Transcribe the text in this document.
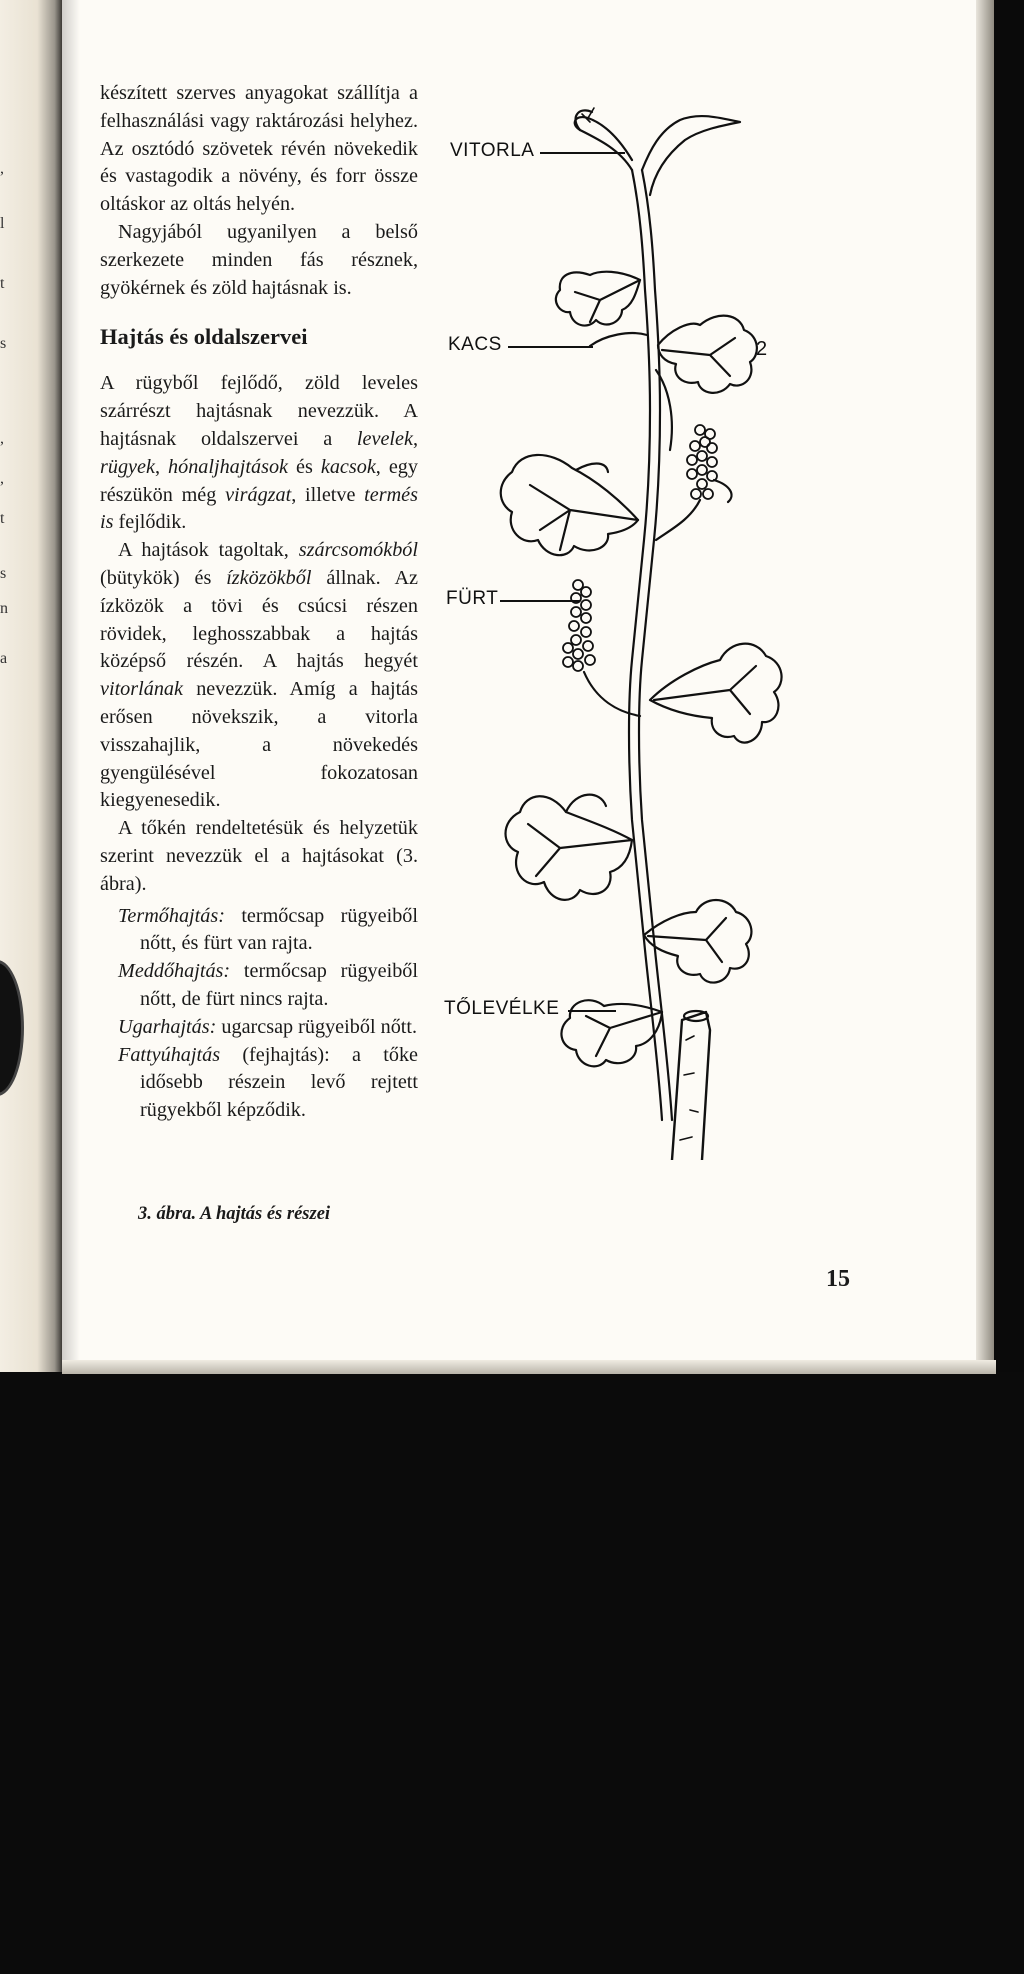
,
l
t
s
,
,
t
s
n
a

készített szerves anyagokat szállítja a felhasználási vagy raktározási helyhez. Az osztódó szövetek révén növekedik és vastagodik a növény, és forr össze oltáskor az oltás helyén.

Nagyjából ugyanilyen a belső szerkezete minden fás résznek, gyökérnek és zöld hajtásnak is.

Hajtás és oldalszervei

A rügyből fejlődő, zöld leveles szárrészt hajtásnak nevezzük. A hajtásnak oldalszervei a levelek, rügyek, hónaljhajtások és kacsok, egy részükön még virágzat, illetve termés is fejlődik.

A hajtások tagoltak, szárcsomókból (bütykök) és ízközökből állnak. Az ízközök a tövi és csúcsi részen rövidek, leghosszabbak a hajtás középső részén. A hajtás hegyét vitorlának nevezzük. Amíg a hajtás erősen növekszik, a vitorla visszahajlik, a növekedés gyengülésével fokozatosan kiegyenesedik.

A tőkén rendeltetésük és helyzetük szerint nevezzük el a hajtásokat (3. ábra).

Termőhajtás: termőcsap rügyeiből nőtt, és fürt van rajta.
Meddőhajtás: termőcsap rügyeiből nőtt, de fürt nincs rajta.
Ugarhajtás: ugarcsap rügyeiből nőtt.
Fattyúhajtás (fejhajtás): a tőke idősebb részein levő rejtett rügyekből képződik.
2
VITORLA
KACS
FÜRT
TŐLEVÉLKE
3. ábra. A hajtás és részei
15
